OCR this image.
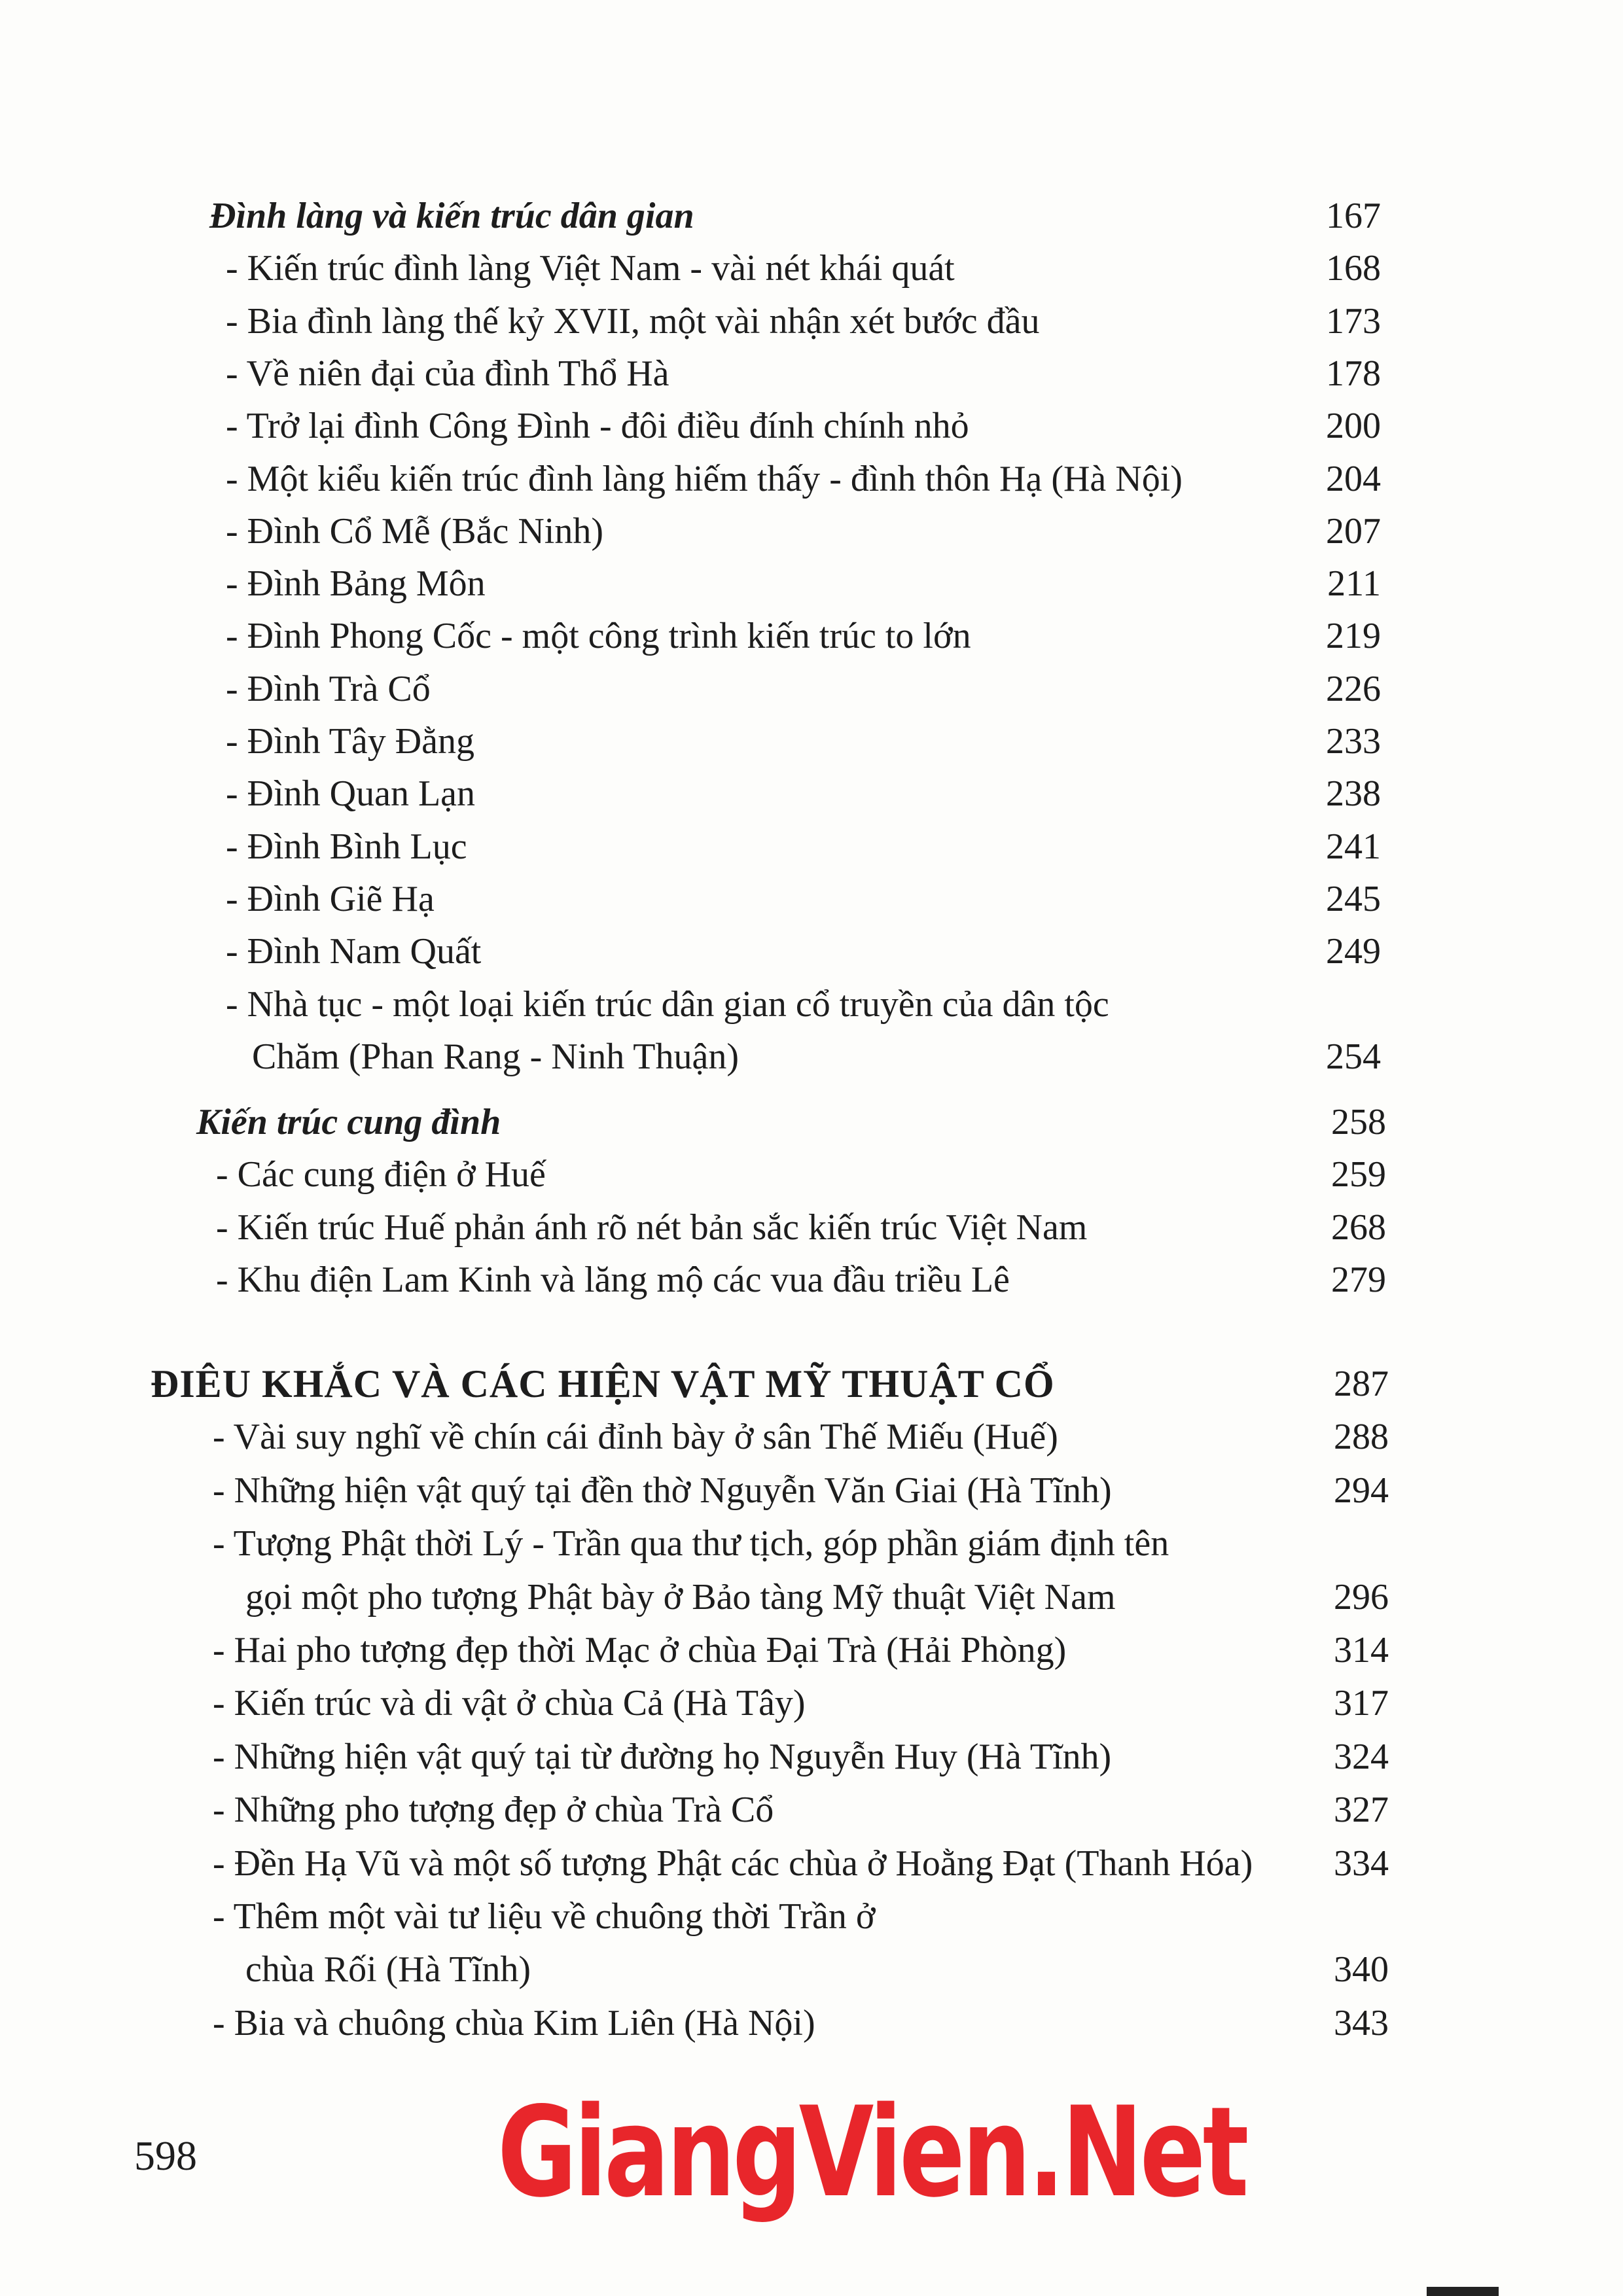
Đình làng và kiến trúc dân gian	167
- Kiến trúc đình làng Việt Nam - vài nét khái quát	168
- Bia đình làng thế kỷ XVII, một vài nhận xét bước đầu	173
- Về niên đại của đình Thổ Hà	178
- Trở lại đình Công Đình - đôi điều đính chính nhỏ	200
- Một kiểu kiến trúc đình làng hiếm thấy - đình thôn Hạ (Hà Nội)	204
- Đình Cổ Mễ (Bắc Ninh)	207
- Đình Bảng Môn	211
- Đình Phong Cốc - một công trình kiến trúc to lớn	219
- Đình Trà Cổ	226
- Đình Tây Đằng	233
- Đình Quan Lạn	238
- Đình Bình Lục	241
- Đình Giẽ Hạ	245
- Đình Nam Quất	249
- Nhà tục - một loại kiến trúc dân gian cổ truyền của dân tộc
Chăm (Phan Rang - Ninh Thuận)	254
Kiến trúc cung đình	258
- Các cung điện ở Huế	259
- Kiến trúc Huế phản ánh rõ nét bản sắc kiến trúc Việt Nam	268
- Khu điện Lam Kinh và lăng mộ các vua đầu triều Lê	279
ĐIÊU KHẮC VÀ CÁC HIỆN VẬT MỸ THUẬT CỔ	287
- Vài suy nghĩ về chín cái đỉnh bày ở sân Thế Miếu (Huế)	288
- Những hiện vật quý tại đền thờ Nguyễn Văn Giai (Hà Tĩnh)	294
- Tượng Phật thời Lý - Trần qua thư tịch, góp phần giám định tên
gọi một pho tượng Phật bày ở Bảo tàng Mỹ thuật Việt Nam	296
- Hai pho tượng đẹp thời Mạc ở chùa Đại Trà (Hải Phòng)	314
- Kiến trúc và di vật ở chùa Cả (Hà Tây)	317
- Những hiện vật quý tại từ đường họ Nguyễn Huy (Hà Tĩnh)	324
- Những pho tượng đẹp ở chùa Trà Cổ	327
- Đền Hạ Vũ và một số tượng Phật các chùa ở Hoằng Đạt (Thanh Hóa)	334
- Thêm một vài tư liệu về chuông thời Trần ở
chùa Rối (Hà Tĩnh)	340
- Bia và chuông chùa Kim Liên (Hà Nội)	343
598 GiangVien.Net
